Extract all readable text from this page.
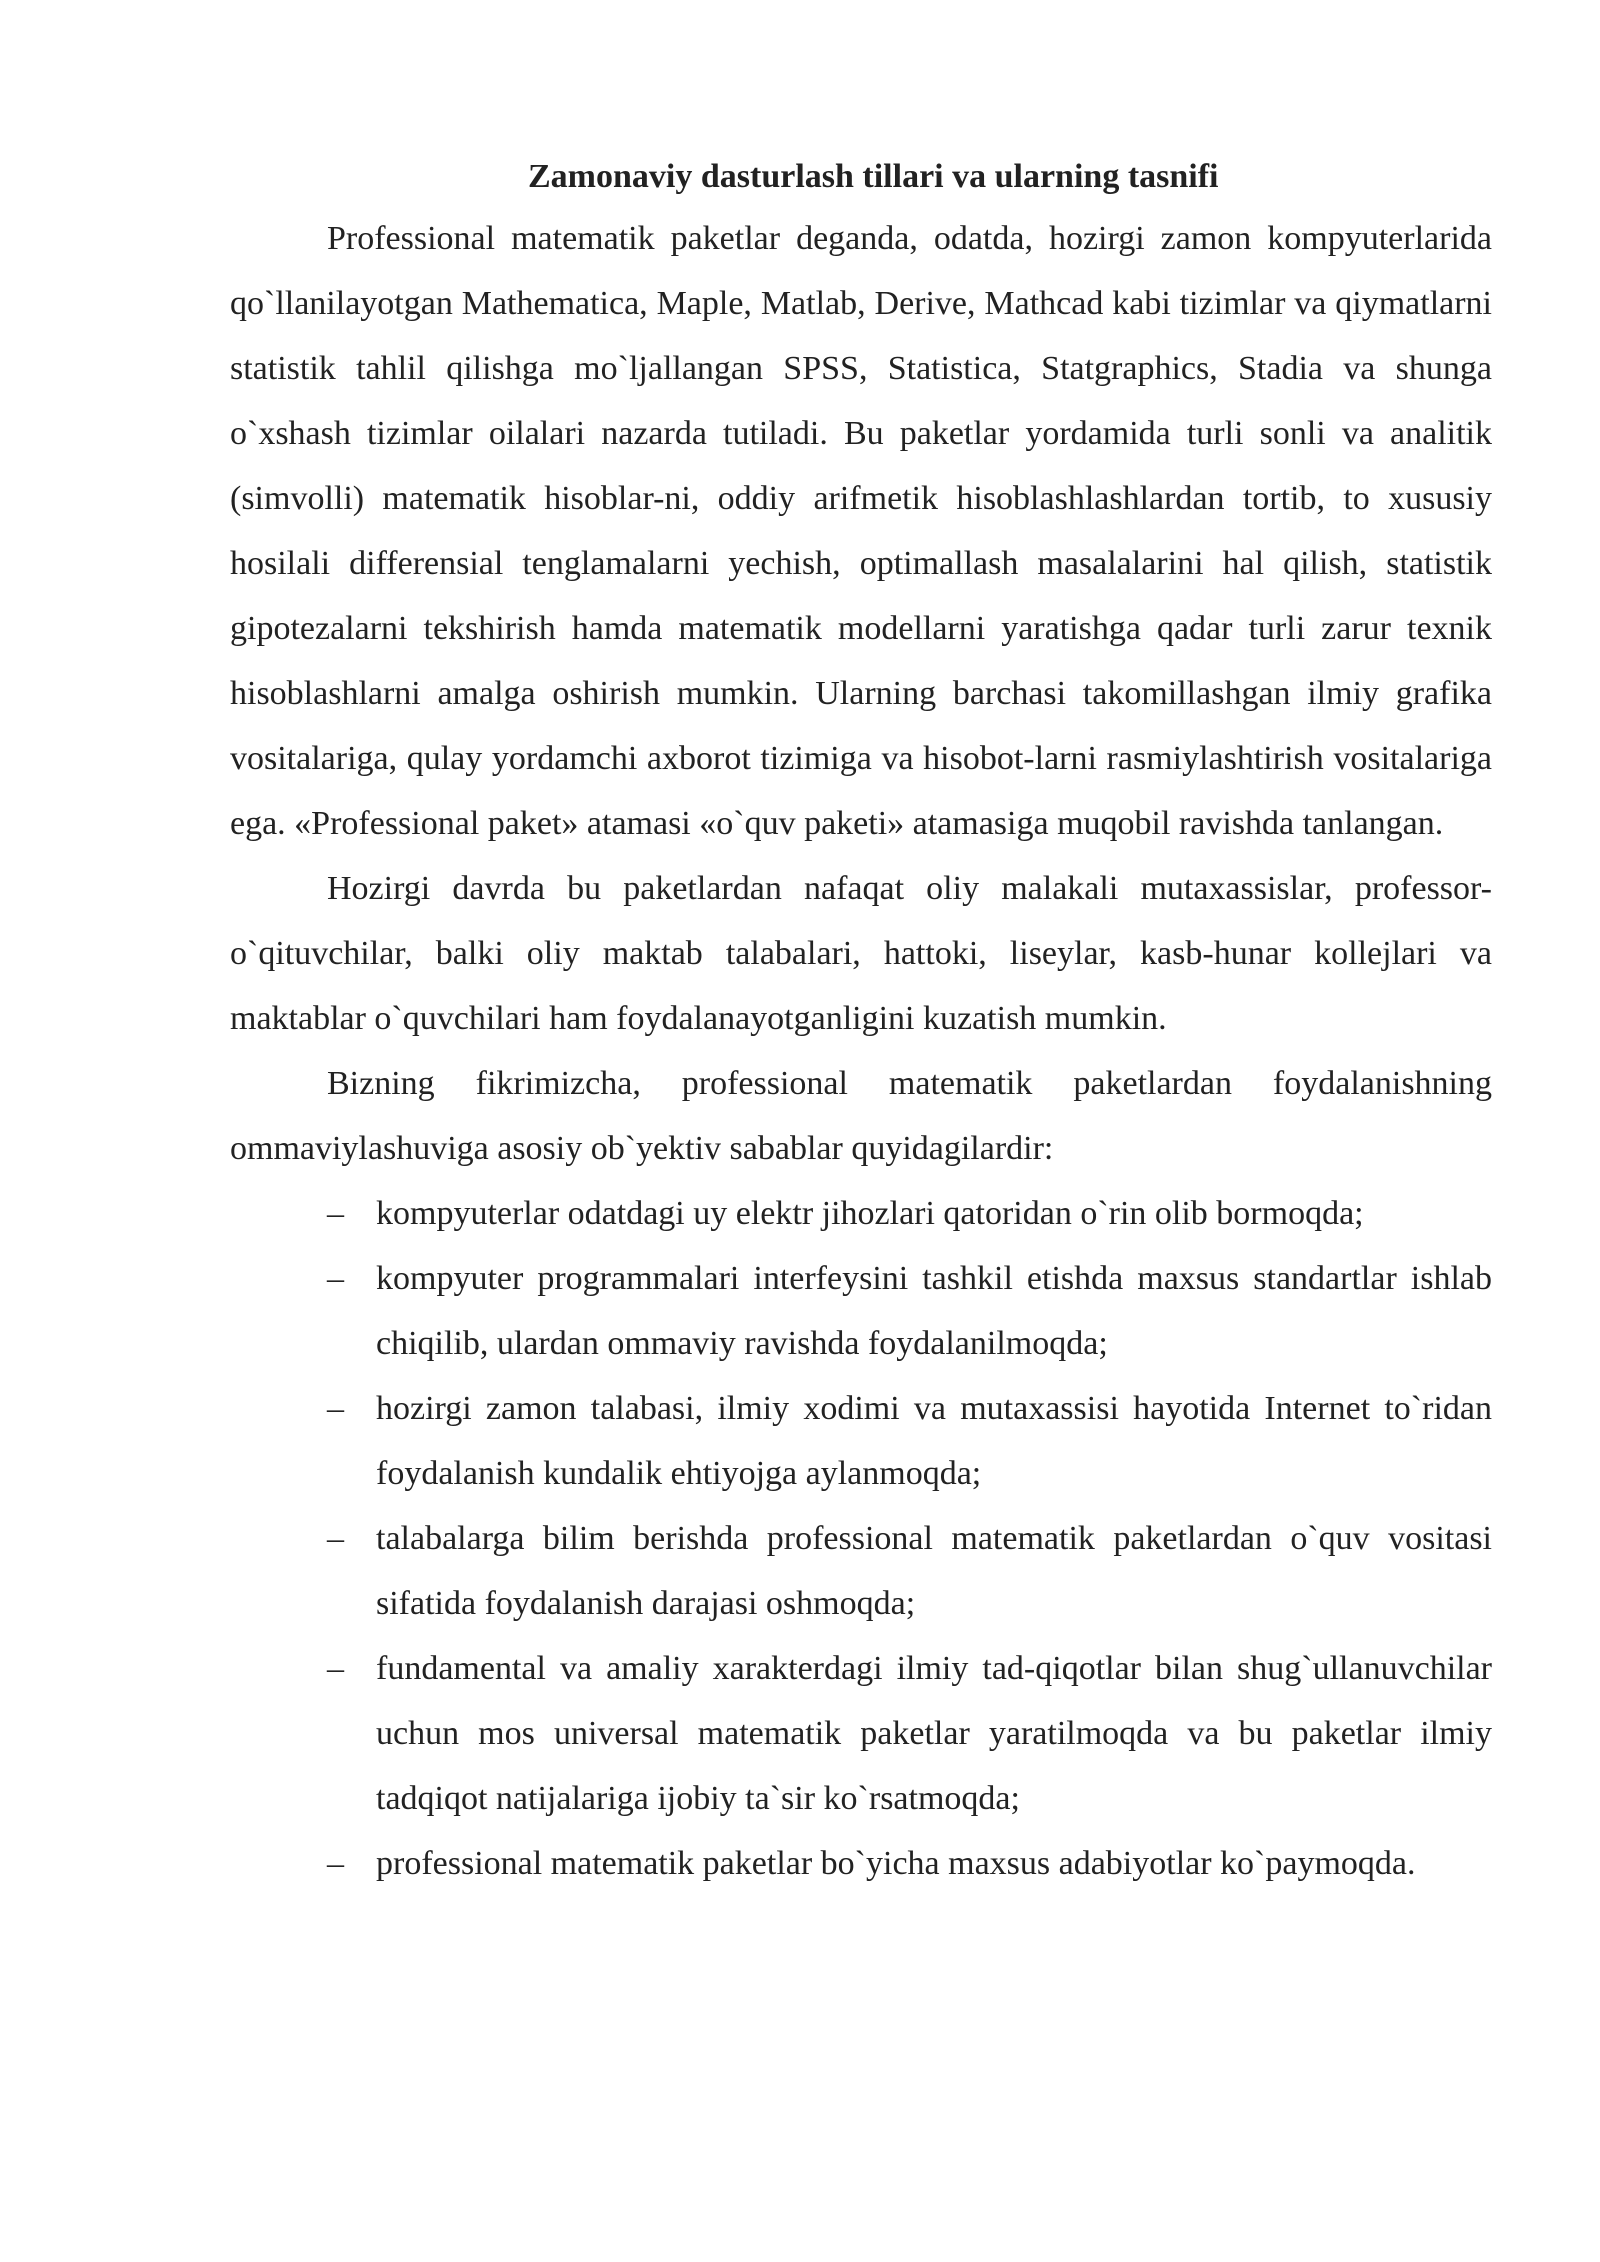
Zamonaviy dasturlash tillari va ularning tasnifi

Professional matematik paketlar deganda, odatda, hozirgi zamon kompyuterlarida qo`llanilayotgan Mathematica, Maple, Matlab, Derive, Mathcad kabi tizimlar va qiymatlarni statistik tahlil qilishga mo`ljallangan SPSS, Statistica, Statgraphics, Stadia va shunga o`xshash tizimlar oilalari nazarda tutiladi. Bu paketlar yordamida turli sonli va analitik (simvolli) matematik hisoblar-ni, oddiy arifmetik hisoblashlashlardan tortib, to xususiy hosilali differensial tenglamalarni yechish, optimallash masalalarini hal qilish, statistik gipotezalarni tekshirish hamda matematik modellarni yaratishga qadar turli zarur texnik hisoblashlarni amalga oshirish mumkin. Ularning barchasi takomillashgan ilmiy grafika vositalariga, qulay yordamchi axborot tizimiga va hisobot-larni rasmiylashtirish vositalariga ega. «Professional paket» atamasi «o`quv paketi» atamasiga muqobil ravishda tanlangan.

Hozirgi davrda bu paketlardan nafaqat oliy malakali mutaxassislar, professor-o`qituvchilar, balki oliy maktab talabalari, hattoki, liseylar, kasb-hunar kollejlari va maktablar o`quvchilari ham foydalanayotganligini kuzatish mumkin.

Bizning fikrimizcha, professional matematik paketlardan foydalanishning ommaviylashuviga asosiy ob`yektiv sabablar quyidagilardir:

– kompyuterlar odatdagi uy elektr jihozlari qatoridan o`rin olib bormoqda;
– kompyuter programmalari interfeysini tashkil etishda maxsus standartlar ishlab chiqilib, ulardan ommaviy ravishda foydalanilmoqda;
– hozirgi zamon talabasi, ilmiy xodimi va mutaxassisi hayotida Internet to`ridan foydalanish kundalik ehtiyojga aylanmoqda;
– talabalarga bilim berishda professional matematik paketlardan o`quv vositasi sifatida foydalanish darajasi oshmoqda;
– fundamental va amaliy xarakterdagi ilmiy tad-qiqotlar bilan shug`ullanuvchilar uchun mos universal matematik paketlar yaratilmoqda va bu paketlar ilmiy tadqiqot natijalariga ijobiy ta`sir ko`rsatmoqda;
– professional matematik paketlar bo`yicha maxsus adabiyotlar ko`paymoqda.
